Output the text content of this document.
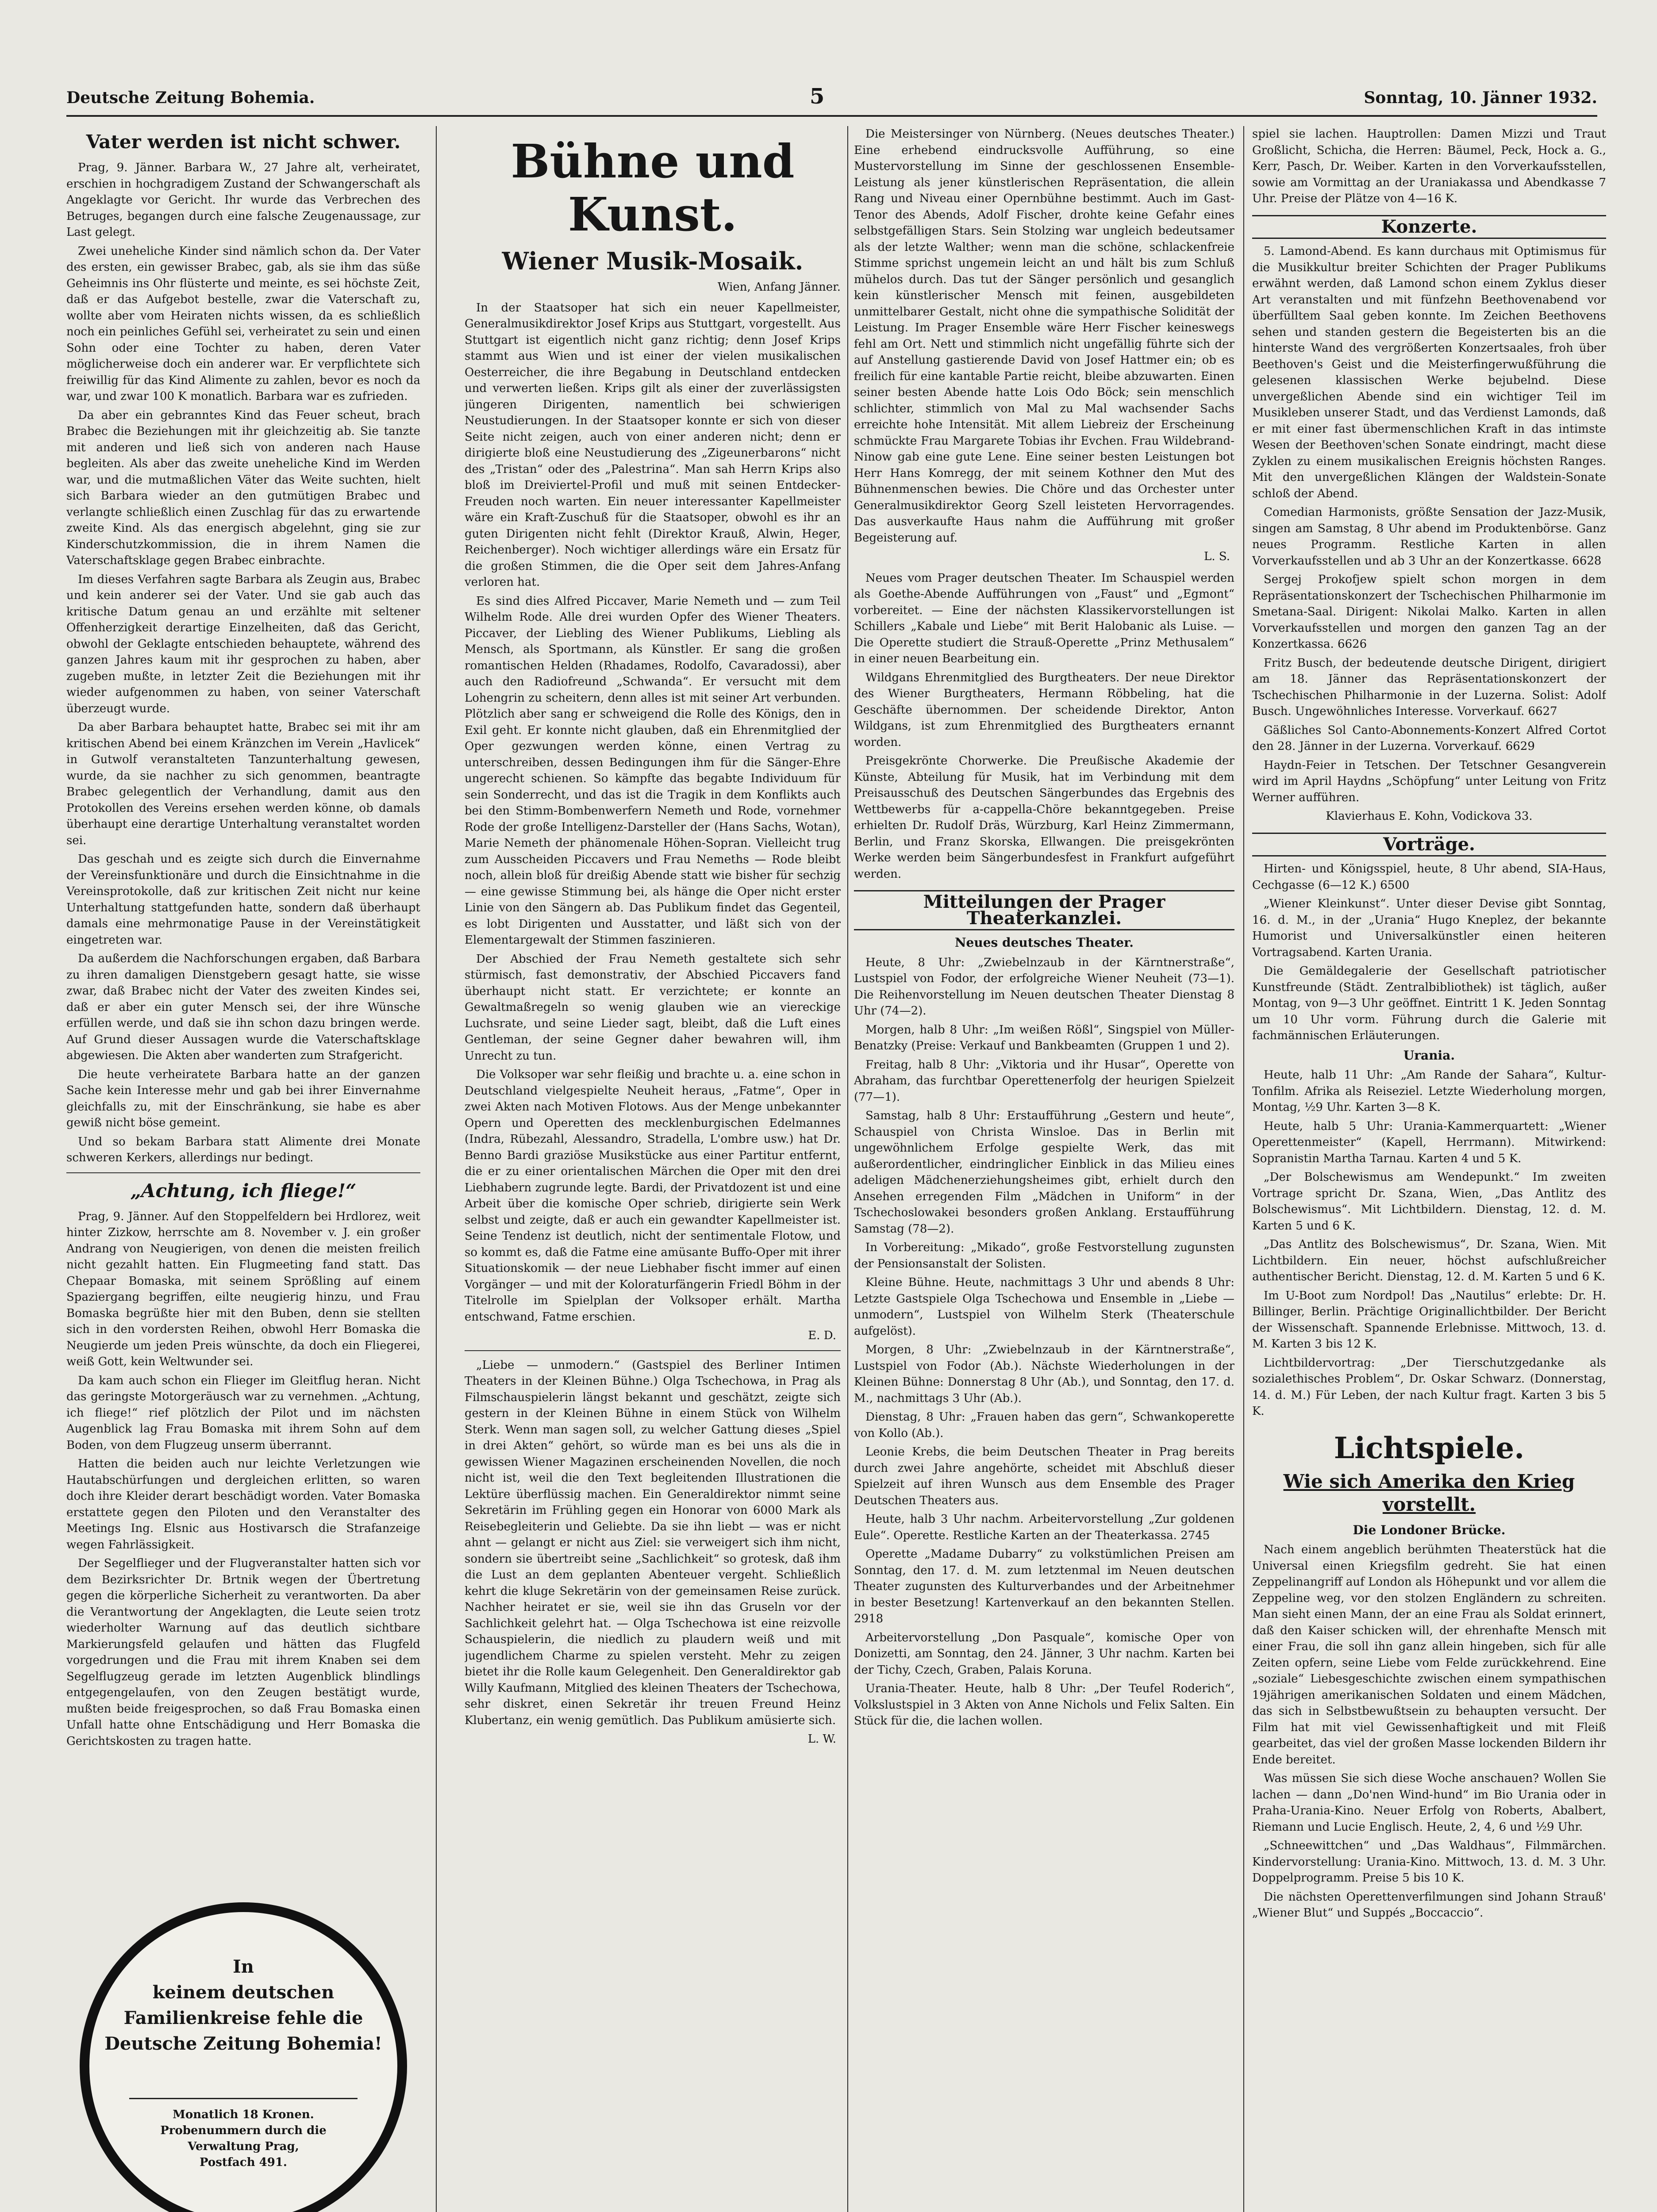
Deutsche Zeitung Bohemia.	5	Sonntag, 10. Jänner 1932.
Vater werden ist nicht schwer.

Prag, 9. Jänner. Barbara W., 27 Jahre alt, verheiratet, erschien in hochgradigem Zustand der Schwangerschaft als Angeklagte vor Gericht. Ihr wurde das Verbrechen des Betruges, begangen durch eine falsche Zeugenaussage, zur Last gelegt.

Zwei uneheliche Kinder sind nämlich schon da. Der Vater des ersten, ein gewisser Brabec, gab, als sie ihm das süße Geheimnis ins Ohr flüsterte und meinte, es sei höchste Zeit, daß er das Aufgebot bestelle, zwar die Vaterschaft zu, wollte aber vom Heiraten nichts wissen, da es schließlich noch ein peinliches Gefühl sei, verheiratet zu sein und einen Sohn oder eine Tochter zu haben, deren Vater möglicherweise doch ein anderer war. Er verpflichtete sich freiwillig für das Kind Alimente zu zahlen, bevor es noch da war, und zwar 100 K monatlich. Barbara war es zufrieden.

Da aber ein gebranntes Kind das Feuer scheut, brach Brabec die Beziehungen mit ihr gleichzeitig ab. Sie tanzte mit anderen und ließ sich von anderen nach Hause begleiten. Als aber das zweite uneheliche Kind im Werden war, und die mutmaßlichen Väter das Weite suchten, hielt sich Barbara wieder an den gutmütigen Brabec und verlangte schließlich einen Zuschlag für das zu erwartende zweite Kind. Als das energisch abgelehnt, ging sie zur Kinderschutzkommission, die in ihrem Namen die Vaterschaftsklage gegen Brabec einbrachte.

Im dieses Verfahren sagte Barbara als Zeugin aus, Brabec und kein anderer sei der Vater. Und sie gab auch das kritische Datum genau an und erzählte mit seltener Offenherzigkeit derartige Einzelheiten, daß das Gericht, obwohl der Geklagte entschieden behauptete, während des ganzen Jahres kaum mit ihr gesprochen zu haben, aber zugeben mußte, in letzter Zeit die Beziehungen mit ihr wieder aufgenommen zu haben, von seiner Vaterschaft überzeugt wurde.

Da aber Barbara behauptet hatte, Brabec sei mit ihr am kritischen Abend bei einem Kränzchen im Verein „Havlicek“ in Gutwolf veranstalteten Tanzunterhaltung gewesen, wurde, da sie nachher zu sich genommen, beantragte Brabec gelegentlich der Verhandlung, damit aus den Protokollen des Vereins ersehen werden könne, ob damals überhaupt eine derartige Unterhaltung veranstaltet worden sei.

Das geschah und es zeigte sich durch die Einvernahme der Vereinsfunktionäre und durch die Einsichtnahme in die Vereinsprotokolle, daß zur kritischen Zeit nicht nur keine Unterhaltung stattgefunden hatte, sondern daß überhaupt damals eine mehrmonatige Pause in der Vereinstätigkeit eingetreten war.

Da außerdem die Nachforschungen ergaben, daß Barbara zu ihren damaligen Dienstgebern gesagt hatte, sie wisse zwar, daß Brabec nicht der Vater des zweiten Kindes sei, daß er aber ein guter Mensch sei, der ihre Wünsche erfüllen werde, und daß sie ihn schon dazu bringen werde. Auf Grund dieser Aussagen wurde die Vaterschaftsklage abgewiesen. Die Akten aber wanderten zum Strafgericht.

Die heute verheiratete Barbara hatte an der ganzen Sache kein Interesse mehr und gab bei ihrer Einvernahme gleichfalls zu, mit der Einschränkung, sie habe es aber gewiß nicht böse gemeint.

Und so bekam Barbara statt Alimente drei Monate schweren Kerkers, allerdings nur bedingt.

„Achtung, ich fliege!“

Prag, 9. Jänner. Auf den Stoppelfeldern bei Hrdlorez, weit hinter Zizkow, herrschte am 8. November v. J. ein großer Andrang von Neugierigen, von denen die meisten freilich nicht gezahlt hatten. Ein Flugmeeting fand statt. Das Chepaar Bomaska, mit seinem Sprößling auf einem Spaziergang begriffen, eilte neugierig hinzu, und Frau Bomaska begrüßte hier mit den Buben, denn sie stellten sich in den vordersten Reihen, obwohl Herr Bomaska die Neugierde um jeden Preis wünschte, da doch ein Fliegerei, weiß Gott, kein Weltwunder sei.

Da kam auch schon ein Flieger im Gleitflug heran. Nicht das geringste Motorgeräusch war zu vernehmen. „Achtung, ich fliege!“ rief plötzlich der Pilot und im nächsten Augenblick lag Frau Bomaska mit ihrem Sohn auf dem Boden, von dem Flugzeug unserm überrannt.

Hatten die beiden auch nur leichte Verletzungen wie Hautabschürfungen und dergleichen erlitten, so waren doch ihre Kleider derart beschädigt worden. Vater Bomaska erstattete gegen den Piloten und den Veranstalter des Meetings Ing. Elsnic aus Hostivarsch die Strafanzeige wegen Fahrlässigkeit.

Der Segelflieger und der Flugveranstalter hatten sich vor dem Bezirksrichter Dr. Brtnik wegen der Übertretung gegen die körperliche Sicherheit zu verantworten. Da aber die Verantwortung der Angeklagten, die Leute seien trotz wiederholter Warnung auf das deutlich sichtbare Markierungsfeld gelaufen und hätten das Flugfeld vorgedrungen und die Frau mit ihrem Knaben sei dem Segelflugzeug gerade im letzten Augenblick blindlings entgegengelaufen, von den Zeugen bestätigt wurde, mußten beide freigesprochen, so daß Frau Bomaska einen Unfall hatte ohne Entschädigung und Herr Bomaska die Gerichtskosten zu tragen hatte.

In
keinem deutschen
Familienkreise fehle die
Deutsche Zeitung Bohemia!
Monatlich 18 Kronen.
Probenummern durch die
Verwaltung Prag,
Postfach 491.
Bühne und Kunst.
Wiener Musik-Mosaik.
Wien, Anfang Jänner.

In der Staatsoper hat sich ein neuer Kapellmeister, Generalmusikdirektor Josef Krips aus Stuttgart, vorgestellt. Aus Stuttgart ist eigentlich nicht ganz richtig; denn Josef Krips stammt aus Wien und ist einer der vielen musikalischen Oesterreicher, die ihre Begabung in Deutschland entdecken und verwerten ließen. Krips gilt als einer der zuverlässigsten jüngeren Dirigenten, namentlich bei schwierigen Neustudierungen. In der Staatsoper konnte er sich von dieser Seite nicht zeigen, auch von einer anderen nicht; denn er dirigierte bloß eine Neustudierung des „Zigeunerbarons“ nicht des „Tristan“ oder des „Palestrina“. Man sah Herrn Krips also bloß im Dreiviertel-Profil und muß mit seinen Entdecker-Freuden noch warten. Ein neuer interessanter Kapellmeister wäre ein Kraft-Zuschuß für die Staatsoper, obwohl es ihr an guten Dirigenten nicht fehlt (Direktor Krauß, Alwin, Heger, Reichenberger). Noch wichtiger allerdings wäre ein Ersatz für die großen Stimmen, die die Oper seit dem Jahres-Anfang verloren hat.

Es sind dies Alfred Piccaver, Marie Nemeth und — zum Teil Wilhelm Rode. Alle drei wurden Opfer des Wiener Theaters. Piccaver, der Liebling des Wiener Publikums, Liebling als Mensch, als Sportmann, als Künstler. Er sang die großen romantischen Helden (Rhadames, Rodolfo, Cavaradossi), aber auch den Radiofreund „Schwanda“. Er versucht mit dem Lohengrin zu scheitern, denn alles ist mit seiner Art verbunden. Plötzlich aber sang er schweigend die Rolle des Königs, den in Exil geht. Er konnte nicht glauben, daß ein Ehrenmitglied der Oper gezwungen werden könne, einen Vertrag zu unterschreiben, dessen Bedingungen ihm für die Sänger-Ehre ungerecht schienen. So kämpfte das begabte Individuum für sein Sonderrecht, und das ist die Tragik in dem Konflikts auch bei den Stimm-Bombenwerfern Nemeth und Rode, vornehmer Rode der große Intelligenz-Darsteller der (Hans Sachs, Wotan), Marie Nemeth der phänomenale Höhen-Sopran. Vielleicht trug zum Ausscheiden Piccavers und Frau Nemeths — Rode bleibt noch, allein bloß für dreißig Abende statt wie bisher für sechzig — eine gewisse Stimmung bei, als hänge die Oper nicht erster Linie von den Sängern ab. Das Publikum findet das Gegenteil, es lobt Dirigenten und Ausstatter, und läßt sich von der Elementargewalt der Stimmen faszinieren.

Der Abschied der Frau Nemeth gestaltete sich sehr stürmisch, fast demonstrativ, der Abschied Piccavers fand überhaupt nicht statt. Er verzichtete; er konnte an Gewaltmaßregeln so wenig glauben wie an viereckige Luchsrate, und seine Lieder sagt, bleibt, daß die Luft eines Gentleman, der seine Gegner daher bewahren will, ihm Unrecht zu tun.

Die Volksoper war sehr fleißig und brachte u. a. eine schon in Deutschland vielgespielte Neuheit heraus, „Fatme“, Oper in zwei Akten nach Motiven Flotows. Aus der Menge unbekannter Opern und Operetten des mecklenburgischen Edelmannes (Indra, Rübezahl, Alessandro, Stradella, L'ombre usw.) hat Dr. Benno Bardi graziöse Musikstücke aus einer Partitur entfernt, die er zu einer orientalischen Märchen die Oper mit den drei Liebhabern zugrunde legte. Bardi, der Privatdozent ist und eine Arbeit über die komische Oper schrieb, dirigierte sein Werk selbst und zeigte, daß er auch ein gewandter Kapellmeister ist. Seine Tendenz ist deutlich, nicht der sentimentale Flotow, und so kommt es, daß die Fatme eine amüsante Buffo-Oper mit ihrer Situationskomik — der neue Liebhaber fischt immer auf einen Vorgänger — und mit der Koloraturfängerin Friedl Böhm in der Titelrolle im Spielplan der Volksoper erhält. Martha entschwand, Fatme erschien.

E. D.

„Liebe — unmodern.“ (Gastspiel des Berliner Intimen Theaters in der Kleinen Bühne.) Olga Tschechowa, in Prag als Filmschauspielerin längst bekannt und geschätzt, zeigte sich gestern in der Kleinen Bühne in einem Stück von Wilhelm Sterk. Wenn man sagen soll, zu welcher Gattung dieses „Spiel in drei Akten“ gehört, so würde man es bei uns als die in gewissen Wiener Magazinen erscheinenden Novellen, die noch nicht ist, weil die den Text begleitenden Illustrationen die Lektüre überflüssig machen. Ein Generaldirektor nimmt seine Sekretärin im Frühling gegen ein Honorar von 6000 Mark als Reisebegleiterin und Geliebte. Da sie ihn liebt — was er nicht ahnt — gelangt er nicht aus Ziel: sie verweigert sich ihm nicht, sondern sie übertreibt seine „Sachlichkeit“ so grotesk, daß ihm die Lust an dem geplanten Abenteuer vergeht. Schließlich kehrt die kluge Sekretärin von der gemeinsamen Reise zurück. Nachher heiratet er sie, weil sie ihn das Gruseln vor der Sachlichkeit gelehrt hat. — Olga Tschechowa ist eine reizvolle Schauspielerin, die niedlich zu plaudern weiß und mit jugendlichem Charme zu spielen versteht. Mehr zu zeigen bietet ihr die Rolle kaum Gelegenheit. Den Generaldirektor gab Willy Kaufmann, Mitglied des kleinen Theaters der Tschechowa, sehr diskret, einen Sekretär ihr treuen Freund Heinz Klubertanz, ein wenig gemütlich. Das Publikum amüsierte sich.

L. W.

Die Meistersinger von Nürnberg. (Neues deutsches Theater.) Eine erhebend eindrucksvolle Aufführung, so eine Mustervorstellung im Sinne der geschlossenen Ensemble-Leistung als jener künstlerischen Repräsentation, die allein Rang und Niveau einer Opernbühne bestimmt. Auch im Gast-Tenor des Abends, Adolf Fischer, drohte keine Gefahr eines selbstgefälligen Stars. Sein Stolzing war ungleich bedeutsamer als der letzte Walther; wenn man die schöne, schlackenfreie Stimme sprichst ungemein leicht an und hält bis zum Schluß mühelos durch. Das tut der Sänger persönlich und gesanglich kein künstlerischer Mensch mit feinen, ausgebildeten unmittelbarer Gestalt, nicht ohne die sympathische Solidität der Leistung. Im Prager Ensemble wäre Herr Fischer keineswegs fehl am Ort. Nett und stimmlich nicht ungefällig führte sich der auf Anstellung gastierende David von Josef Hattmer ein; ob es freilich für eine kantable Partie reicht, bleibe abzuwarten. Einen seiner besten Abende hatte Lois Odo Böck; sein menschlich schlichter, stimmlich von Mal zu Mal wachsender Sachs erreichte hohe Intensität. Mit allem Liebreiz der Erscheinung schmückte Frau Margarete Tobias ihr Evchen. Frau Wildebrand-Ninow gab eine gute Lene. Eine seiner besten Leistungen bot Herr Hans Komregg, der mit seinem Kothner den Mut des Bühnenmenschen bewies. Die Chöre und das Orchester unter Generalmusikdirektor Georg Szell leisteten Hervorragendes. Das ausverkaufte Haus nahm die Aufführung mit großer Begeisterung auf.

L. S.

Neues vom Prager deutschen Theater. Im Schauspiel werden als Goethe-Abende Aufführungen von „Faust“ und „Egmont“ vorbereitet. — Eine der nächsten Klassikervorstellungen ist Schillers „Kabale und Liebe“ mit Berit Halobanic als Luise. — Die Operette studiert die Strauß-Operette „Prinz Methusalem“ in einer neuen Bearbeitung ein.

Wildgans Ehrenmitglied des Burgtheaters. Der neue Direktor des Wiener Burgtheaters, Hermann Röbbeling, hat die Geschäfte übernommen. Der scheidende Direktor, Anton Wildgans, ist zum Ehrenmitglied des Burgtheaters ernannt worden.

Preisgekrönte Chorwerke. Die Preußische Akademie der Künste, Abteilung für Musik, hat im Verbindung mit dem Preisausschuß des Deutschen Sängerbundes das Ergebnis des Wettbewerbs für a-cappella-Chöre bekanntgegeben. Preise erhielten Dr. Rudolf Dräs, Würzburg, Karl Heinz Zimmermann, Berlin, und Franz Skorska, Ellwangen. Die preisgekrönten Werke werden beim Sängerbundesfest in Frankfurt aufgeführt werden.

Mitteilungen der Prager Theaterkanzlei.
Neues deutsches Theater.

Heute, 8 Uhr: „Zwiebelnzaub in der Kärntnerstraße“, Lustspiel von Fodor, der erfolgreiche Wiener Neuheit (73—1). Die Reihenvorstellung im Neuen deutschen Theater Dienstag 8 Uhr (74—2).

Morgen, halb 8 Uhr: „Im weißen Rößl“, Singspiel von Müller-Benatzky (Preise: Verkauf und Bankbeamten (Gruppen 1 und 2).

Freitag, halb 8 Uhr: „Viktoria und ihr Husar“, Operette von Abraham, das furchtbar Operettenerfolg der heurigen Spielzeit (77—1).

Samstag, halb 8 Uhr: Erstaufführung „Gestern und heute“, Schauspiel von Christa Winsloe. Das in Berlin mit ungewöhnlichem Erfolge gespielte Werk, das mit außerordentlicher, eindringlicher Einblick in das Milieu eines adeligen Mädchenerziehungsheimes gibt, erhielt durch den Ansehen erregenden Film „Mädchen in Uniform“ in der Tschechoslowakei besonders großen Anklang. Erstaufführung Samstag (78—2).

In Vorbereitung: „Mikado“, große Festvorstellung zugunsten der Pensionsanstalt der Solisten.

Kleine Bühne. Heute, nachmittags 3 Uhr und abends 8 Uhr: Letzte Gastspiele Olga Tschechowa und Ensemble in „Liebe — unmodern“, Lustspiel von Wilhelm Sterk (Theaterschule aufgelöst).

Morgen, 8 Uhr: „Zwiebelnzaub in der Kärntnerstraße“, Lustspiel von Fodor (Ab.). Nächste Wiederholungen in der Kleinen Bühne: Donnerstag 8 Uhr (Ab.), und Sonntag, den 17. d. M., nachmittags 3 Uhr (Ab.).

Dienstag, 8 Uhr: „Frauen haben das gern“, Schwankoperette von Kollo (Ab.).

Leonie Krebs, die beim Deutschen Theater in Prag bereits durch zwei Jahre angehörte, scheidet mit Abschluß dieser Spielzeit auf ihren Wunsch aus dem Ensemble des Prager Deutschen Theaters aus.

Heute, halb 3 Uhr nachm. Arbeitervorstellung „Zur goldenen Eule“. Operette. Restliche Karten an der Theaterkassa. 2745

Operette „Madame Dubarry“ zu volkstümlichen Preisen am Sonntag, den 17. d. M. zum letztenmal im Neuen deutschen Theater zugunsten des Kulturverbandes und der Arbeitnehmer in bester Besetzung! Kartenverkauf an den bekannten Stellen. 2918

Arbeitervorstellung „Don Pasquale“, komische Oper von Donizetti, am Sonntag, den 24. Jänner, 3 Uhr nachm. Karten bei der Tichy, Czech, Graben, Palais Koruna.

Urania-Theater. Heute, halb 8 Uhr: „Der Teufel Roderich“, Volkslustspiel in 3 Akten von Anne Nichols und Felix Salten. Ein Stück für die, die lachen wollen.

spiel sie lachen. Hauptrollen: Damen Mizzi und Traut Großlicht, Schicha, die Herren: Bäumel, Peck, Hock a. G., Kerr, Pasch, Dr. Weiber. Karten in den Vorverkaufsstellen, sowie am Vormittag an der Uraniakassa und Abendkasse 7 Uhr. Preise der Plätze von 4—16 K.

Konzerte.

5. Lamond-Abend. Es kann durchaus mit Optimismus für die Musikkultur breiter Schichten der Prager Publikums erwähnt werden, daß Lamond schon einem Zyklus dieser Art veranstalten und mit fünfzehn Beethovenabend vor überfülltem Saal geben konnte. Im Zeichen Beethovens sehen und standen gestern die Begeisterten bis an die hinterste Wand des vergrößerten Konzertsaales, froh über Beethoven's Geist und die Meisterfingerwußführung die gelesenen klassischen Werke bejubelnd. Diese unvergeßlichen Abende sind ein wichtiger Teil im Musikleben unserer Stadt, und das Verdienst Lamonds, daß er mit einer fast übermenschlichen Kraft in das intimste Wesen der Beethoven'schen Sonate eindringt, macht diese Zyklen zu einem musikalischen Ereignis höchsten Ranges. Mit den unvergeßlichen Klängen der Waldstein-Sonate schloß der Abend.

Comedian Harmonists, größte Sensation der Jazz-Musik, singen am Samstag, 8 Uhr abend im Produktenbörse. Ganz neues Programm. Restliche Karten in allen Vorverkaufsstellen und ab 3 Uhr an der Konzertkasse. 6628

Sergej Prokofjew spielt schon morgen in dem Repräsentationskonzert der Tschechischen Philharmonie im Smetana-Saal. Dirigent: Nikolai Malko. Karten in allen Vorverkaufsstellen und morgen den ganzen Tag an der Konzertkassa. 6626

Fritz Busch, der bedeutende deutsche Dirigent, dirigiert am 18. Jänner das Repräsentationskonzert der Tschechischen Philharmonie in der Luzerna. Solist: Adolf Busch. Ungewöhnliches Interesse. Vorverkauf. 6627

Gäßliches Sol Canto-Abonnements-Konzert Alfred Cortot den 28. Jänner in der Luzerna. Vorverkauf. 6629

Haydn-Feier in Tetschen. Der Tetschner Gesangverein wird im April Haydns „Schöpfung“ unter Leitung von Fritz Werner aufführen.

Klavierhaus E. Kohn, Vodickova 33.

Vorträge.

Hirten- und Königsspiel, heute, 8 Uhr abend, SIA-Haus, Cechgasse (6—12 K.) 6500

„Wiener Kleinkunst“. Unter dieser Devise gibt Sonntag, 16. d. M., in der „Urania“ Hugo Kneplez, der bekannte Humorist und Universalkünstler einen heiteren Vortragsabend. Karten Urania.

Die Gemäldegalerie der Gesellschaft patriotischer Kunstfreunde (Städt. Zentralbibliothek) ist täglich, außer Montag, von 9—3 Uhr geöffnet. Eintritt 1 K. Jeden Sonntag um 10 Uhr vorm. Führung durch die Galerie mit fachmännischen Erläuterungen.

Urania.

Heute, halb 11 Uhr: „Am Rande der Sahara“, Kultur-Tonfilm. Afrika als Reiseziel. Letzte Wiederholung morgen, Montag, ½9 Uhr. Karten 3—8 K.

Heute, halb 5 Uhr: Urania-Kammerquartett: „Wiener Operettenmeister“ (Kapell, Herrmann). Mitwirkend: Sopranistin Martha Tarnau. Karten 4 und 5 K.

„Der Bolschewismus am Wendepunkt.“ Im zweiten Vortrage spricht Dr. Szana, Wien, „Das Antlitz des Bolschewismus“. Mit Lichtbildern. Dienstag, 12. d. M. Karten 5 und 6 K.

„Das Antlitz des Bolschewismus“, Dr. Szana, Wien. Mit Lichtbildern. Ein neuer, höchst aufschlußreicher authentischer Bericht. Dienstag, 12. d. M. Karten 5 und 6 K.

Im U-Boot zum Nordpol! Das „Nautilus“ erlebte: Dr. H. Billinger, Berlin. Prächtige Originallichtbilder. Der Bericht der Wissenschaft. Spannende Erlebnisse. Mittwoch, 13. d. M. Karten 3 bis 12 K.

Lichtbildervortrag: „Der Tierschutzgedanke als sozialethisches Problem“, Dr. Oskar Schwarz. (Donnerstag, 14. d. M.) Für Leben, der nach Kultur fragt. Karten 3 bis 5 K.

Lichtspiele.
Wie sich Amerika den Krieg vorstellt.
Die Londoner Brücke.

Nach einem angeblich berühmten Theaterstück hat die Universal einen Kriegsfilm gedreht. Sie hat einen Zeppelinangriff auf London als Höhepunkt und vor allem die Zeppeline weg, vor den stolzen Engländern zu schreiten. Man sieht einen Mann, der an eine Frau als Soldat erinnert, daß den Kaiser schicken will, der ehrenhafte Mensch mit einer Frau, die soll ihn ganz allein hingeben, sich für alle Zeiten opfern, seine Liebe vom Felde zurückkehrend. Eine „soziale“ Liebesgeschichte zwischen einem sympathischen 19jährigen amerikanischen Soldaten und einem Mädchen, das sich in Selbstbewußtsein zu behaupten versucht. Der Film hat mit viel Gewissenhaftigkeit und mit Fleiß gearbeitet, das viel der großen Masse lockenden Bildern ihr Ende bereitet.

Was müssen Sie sich diese Woche anschauen? Wollen Sie lachen — dann „Do'nen Wind-hund“ im Bio Urania oder in Praha-Urania-Kino. Neuer Erfolg von Roberts, Abalbert, Riemann und Lucie Englisch. Heute, 2, 4, 6 und ½9 Uhr.

„Schneewittchen“ und „Das Waldhaus“, Filmmärchen. Kindervorstellung: Urania-Kino. Mittwoch, 13. d. M. 3 Uhr. Doppelprogramm. Preise 5 bis 10 K.

Die nächsten Operettenverfilmungen sind Johann Strauß' „Wiener Blut“ und Suppés „Boccaccio“.
